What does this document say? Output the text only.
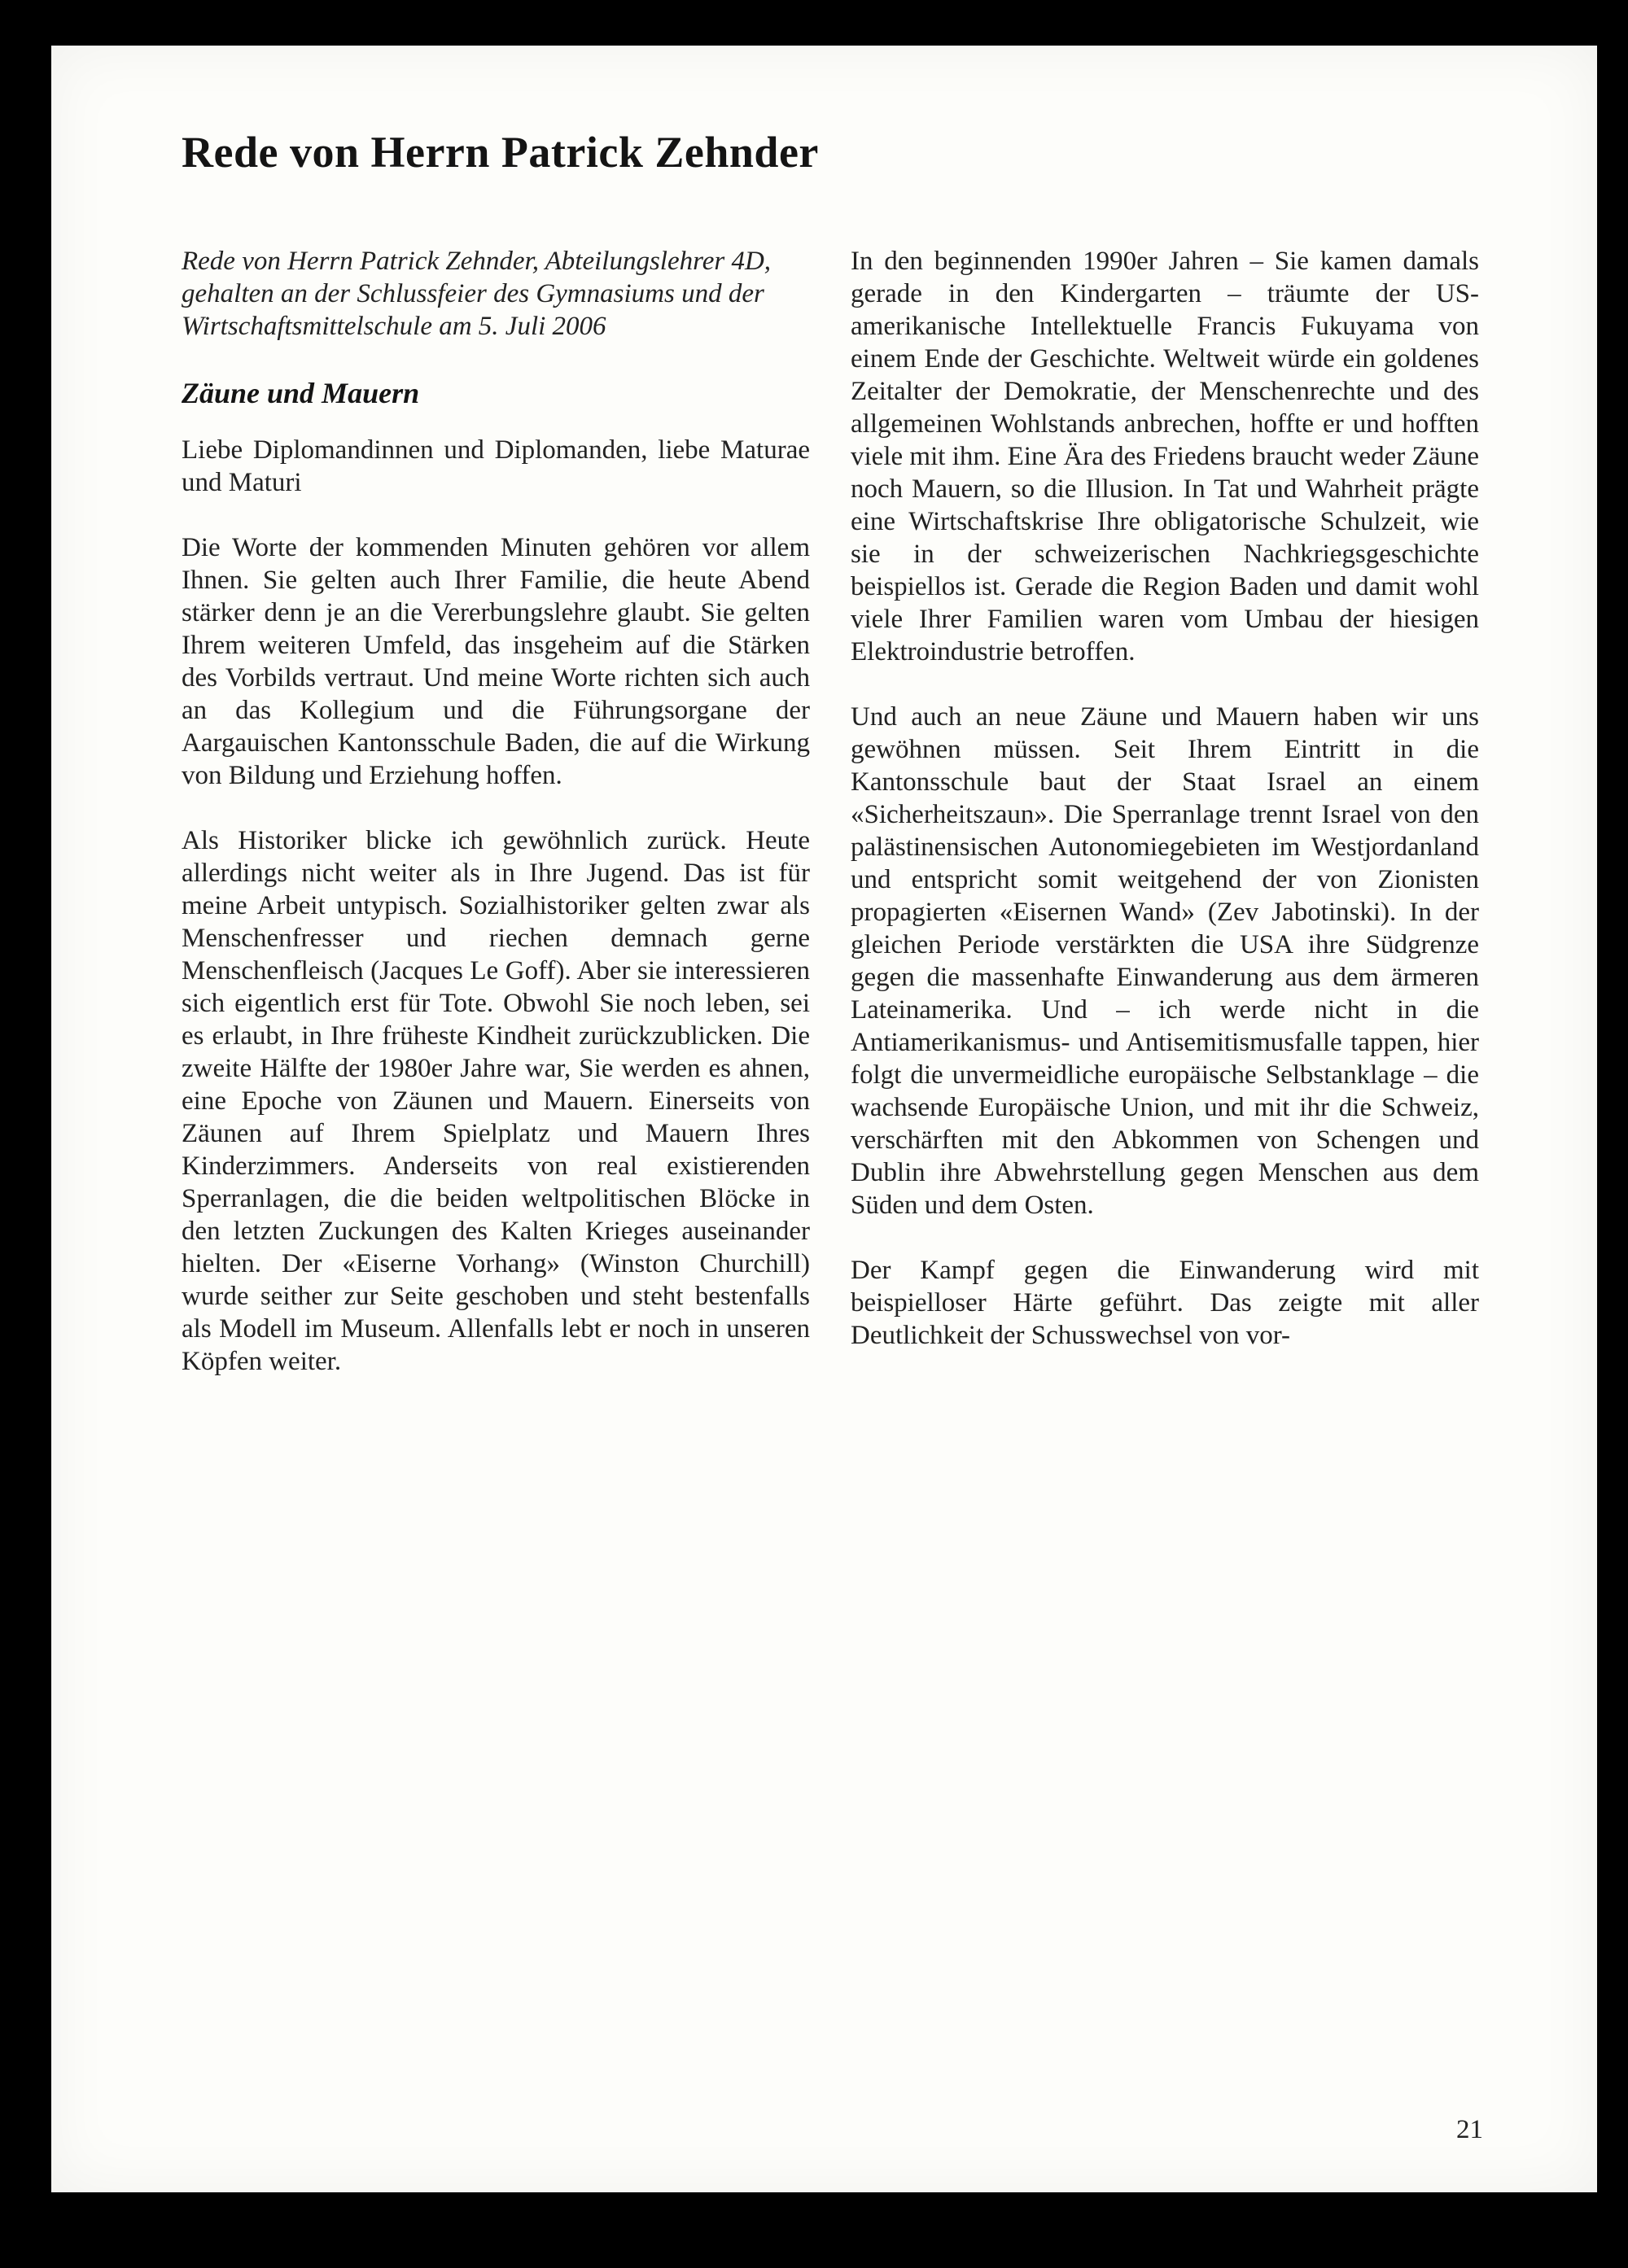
Rede von Herrn Patrick Zehnder

Rede von Herrn Patrick Zehnder, Abteilungslehrer 4D, gehalten an der Schlussfeier des Gymnasiums und der Wirtschaftsmittelschule am 5. Juli 2006

Zäune und Mauern

Liebe Diplomandinnen und Diplomanden, liebe Maturae und Maturi

Die Worte der kommenden Minuten gehören vor allem Ihnen. Sie gelten auch Ihrer Familie, die heute Abend stärker denn je an die Vererbungslehre glaubt. Sie gelten Ihrem weiteren Umfeld, das insgeheim auf die Stärken des Vorbilds vertraut. Und meine Worte richten sich auch an das Kollegium und die Führungsorgane der Aargauischen Kantonsschule Baden, die auf die Wirkung von Bildung und Erziehung hoffen.

Als Historiker blicke ich gewöhnlich zurück. Heute allerdings nicht weiter als in Ihre Jugend. Das ist für meine Arbeit untypisch. Sozialhistoriker gelten zwar als Menschenfresser und riechen demnach gerne Menschenfleisch (Jacques Le Goff). Aber sie interessieren sich eigentlich erst für Tote. Obwohl Sie noch leben, sei es erlaubt, in Ihre früheste Kindheit zurückzublicken. Die zweite Hälfte der 1980er Jahre war, Sie werden es ahnen, eine Epoche von Zäunen und Mauern. Einerseits von Zäunen auf Ihrem Spielplatz und Mauern Ihres Kinderzimmers. Anderseits von real existierenden Sperranlagen, die die beiden weltpolitischen Blöcke in den letzten Zuckungen des Kalten Krieges auseinander hielten. Der «Eiserne Vorhang» (Winston Churchill) wurde seither zur Seite geschoben und steht bestenfalls als Modell im Museum. Allenfalls lebt er noch in unseren Köpfen weiter.

In den beginnenden 1990er Jahren – Sie kamen damals gerade in den Kindergarten – träumte der US-amerikanische Intellektuelle Francis Fukuyama von einem Ende der Geschichte. Weltweit würde ein goldenes Zeitalter der Demokratie, der Menschenrechte und des allgemeinen Wohlstands anbrechen, hoffte er und hofften viele mit ihm. Eine Ära des Friedens braucht weder Zäune noch Mauern, so die Illusion. In Tat und Wahrheit prägte eine Wirtschaftskrise Ihre obligatorische Schulzeit, wie sie in der schweizerischen Nachkriegsgeschichte beispiellos ist. Gerade die Region Baden und damit wohl viele Ihrer Familien waren vom Umbau der hiesigen Elektroindustrie betroffen.

Und auch an neue Zäune und Mauern haben wir uns gewöhnen müssen. Seit Ihrem Eintritt in die Kantonsschule baut der Staat Israel an einem «Sicherheitszaun». Die Sperranlage trennt Israel von den palästinensischen Autonomiegebieten im Westjordanland und entspricht somit weitgehend der von Zionisten propagierten «Eisernen Wand» (Zev Jabotinski). In der gleichen Periode verstärkten die USA ihre Südgrenze gegen die massenhafte Einwanderung aus dem ärmeren Lateinamerika. Und – ich werde nicht in die Antiamerikanismus- und Antisemitismusfalle tappen, hier folgt die unvermeidliche europäische Selbstanklage – die wachsende Europäische Union, und mit ihr die Schweiz, verschärften mit den Abkommen von Schengen und Dublin ihre Abwehrstellung gegen Menschen aus dem Süden und dem Osten.

Der Kampf gegen die Einwanderung wird mit beispielloser Härte geführt. Das zeigte mit aller Deutlichkeit der Schusswechsel von vor-

21
